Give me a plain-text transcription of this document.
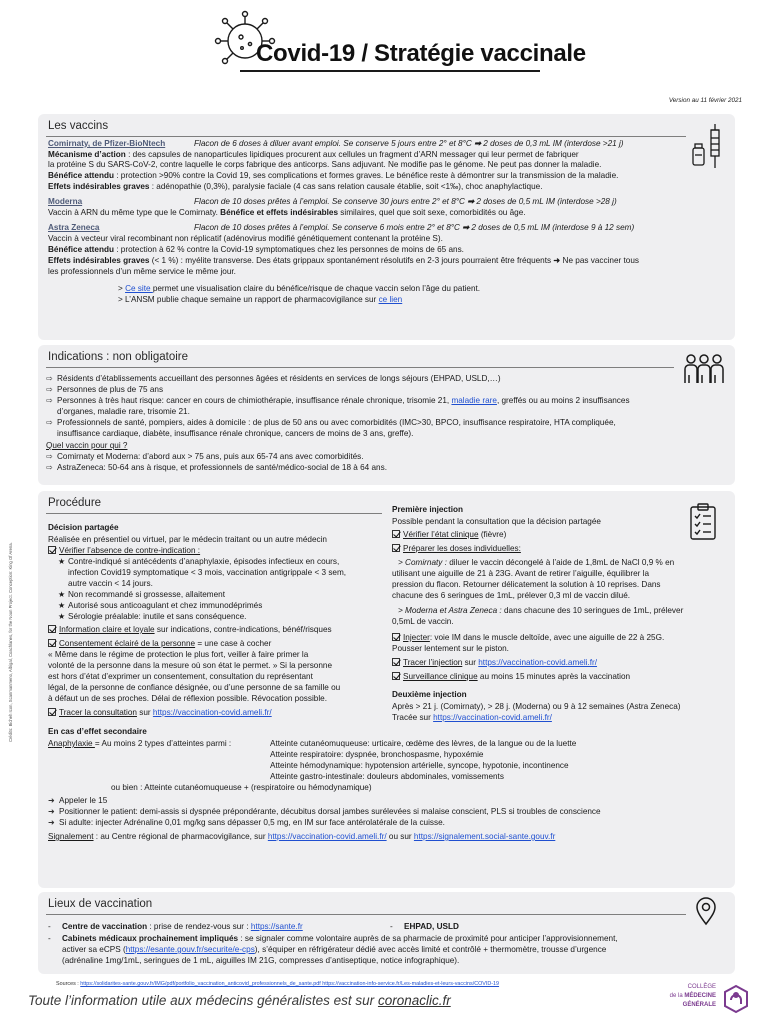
Covid-19 / Stratégie vaccinale
Version au 11 février 2021
Les vaccins
Comirnaty, de Pfizer-BioNtech	Flacon de 6 doses à diluer avant emploi. Se conserve 5 jours entre 2° et 8°C ➡ 2 doses de 0,3 mL IM (interdose >21 j)
Mécanisme d’action : des capsules de nanoparticules lipidiques procurent aux cellules un fragment d’ARN messager qui leur permet de fabriquer
la protéine S du SARS-CoV-2, contre laquelle le corps fabrique des anticorps. Sans adjuvant. Ne modifie pas le génome. Ne peut pas donner la maladie.
Bénéfice attendu : protection >90% contre la Covid 19, ses complications et formes graves. Le bénéfice reste à démontrer sur la transmission de la maladie.
Effets indésirables graves : adénopathie (0,3%), paralysie faciale (4 cas sans relation causale établie, soit <1‰), choc anaphylactique.
Moderna	Flacon de 10 doses prêtes à l’emploi. Se conserve 30 jours entre 2° et 8°C ➡ 2 doses de 0,5 mL IM (interdose >28 j)
Vaccin à ARN du même type que le Comirnaty. Bénéfice et effets indésirables similaires, quel que soit sexe, comorbidités ou âge.
Astra Zeneca	Flacon de 10 doses prêtes à l’emploi. Se conserve 6 mois entre 2° et 8°C ➡ 2 doses de 0,5 mL IM (interdose 9 à 12 sem)
Vaccin à vecteur viral recombinant non réplicatif (adénovirus modifié génétiquement contenant la protéine S).
Bénéfice attendu : protection à 62 % contre la Covid-19 symptomatiques chez les personnes de moins de 65 ans.
Effets indésirables graves (< 1 %) : myélite transverse. Des états grippaux spontanément résolutifs en 2-3 jours pourraient être fréquents ➜ Ne pas vacciner tous
les professionnels d’un même service le même jour.
> Ce site permet une visualisation claire du bénéfice/risque de chaque vaccin selon l’âge du patient.
> L’ANSM publie chaque semaine un rapport de pharmacovigilance sur ce lien
Indications : non obligatoire
⇨ Résidents d’établissements accueillant des personnes âgées et résidents en services de longs séjours (EHPAD, USLD,…)
⇨ Personnes de plus de 75 ans
⇨ Personnes à très haut risque: cancer en cours de chimiothérapie, insuffisance rénale chronique, trisomie 21, maladie rare, greffés ou au moins 2 insuffisances
d’organes, maladie rare, trisomie 21.
⇨ Professionnels de santé, pompiers, aides à domicile : de plus de 50 ans ou avec comorbidités (IMC>30, BPCO, insuffisance respiratoire, HTA compliquée,
insuffisance cardiaque, diabète, insuffisance rénale chronique, cancers de moins de 3 ans, greffe).
Quel vaccin pour qui ?
⇨ Comirnaty et Moderna: d’abord aux > 75 ans, puis aux 65-74 ans avec comorbidités.
⇨ AstraZeneca: 50-64 ans à risque, et professionnels de santé/médico-social de 18 à 64 ans.
Procédure
Décision partagée
Réalisée en présentiel ou virtuel, par le médecin traitant ou un autre médecin
Vérifier l’absence de contre-indication :
★ Contre-indiqué si antécédents d’anaphylaxie, épisodes infectieux en cours,
infection Covid19 symptomatique < 3 mois, vaccination antigrippale < 3 sem,
autre vaccin < 14 jours.
★ Non recommandé si grossesse, allaitement
★ Autorisé sous anticoagulant et chez immunodéprimés
★ Sérologie préalable: inutile et sans conséquence.
Information claire et loyale sur indications, contre-indications, bénéf/risques
Consentement éclairé de la personne = une case à cocher
« Même dans le régime de protection le plus fort, veiller à faire primer la
volonté de la personne dans la mesure où son état le permet. » Si la personne
est hors d’état d’exprimer un consentement, consultation du représentant
légal, de la personne de confiance désignée, ou d’une personne de sa famille ou
à défaut un de ses proches. Délai de réflexion possible. Révocation possible.
Tracer la consultation sur https://vaccination-covid.ameli.fr/
Première injection
Possible pendant la consultation que la décision partagée
Vérifier l’état clinique (fièvre)
Préparer les doses individuelles:
> Comirnaty : diluer le vaccin décongelé à l’aide de 1,8mL de NaCl 0,9 % en
utilisant une aiguille de 21 à 23G. Avant de retirer l’aiguille, équilibrer la
pression du flacon. Retourner délicatement la solution à 10 reprises. Dans
chacune des 6 seringues de 1mL, prélever 0,3 ml de vaccin dilué.
> Moderna et Astra Zeneca : dans chacune des 10 seringues de 1mL, prélever
0,5mL de vaccin.
Injecter: voie IM dans le muscle deltoïde, avec une aiguille de 22 à 25G.
Pousser lentement sur le piston.
Tracer l’injection sur https://vaccination-covid.ameli.fr/
Surveillance clinique au moins 15 minutes après la vaccination
Deuxième injection
Après > 21 j. (Comirnaty), > 28 j. (Moderna) ou 9 à 12 semaines (Astra Zeneca)
Tracée sur https://vaccination-covid.ameli.fr/
En cas d’effet secondaire
Anaphylaxie = Au moins 2 types d’atteintes parmi :	Atteinte cutanéomuqueuse: urticaire, œdème des lèvres, de la langue ou de la luette
Atteinte respiratoire: dyspnée, bronchospasme, hypoxémie
Atteinte hémodynamique: hypotension artérielle, syncope, hypotonie, incontinence
Atteinte gastro-intestinale: douleurs abdominales, vomissements
ou bien : Atteinte cutanéomuqueuse + (respiratoire ou hémodynamique)
➜ Appeler le 15
➜ Positionner le patient: demi-assis si dyspnée prépondérante, décubitus dorsal jambes surélevées si malaise conscient, PLS si troubles de conscience
➜ Si adulte: injecter Adrénaline 0,01 mg/kg sans dépasser 0,5 mg, en IM sur face antérolatérale de la cuisse.
Signalement : au Centre régional de pharmacovigilance, sur https://vaccination-covid.ameli.fr/ ou sur https://signalement.social-sante.gouv.fr
Lieux de vaccination
- Centre de vaccination : prise de rendez-vous sur : https://sante.fr	- EHPAD, USLD
- Cabinets médicaux prochainement impliqués : se signaler comme volontaire auprès de sa pharmacie de proximité pour anticiper l’approvisionnement,
activer sa eCPS (https://esante.gouv.fr/securite/e-cps), s’équiper en réfrigérateur dédié avec accès limité et contrôlé + thermomètre, trousse d’urgence
(adrénaline 1mg/1mL, seringues de 1 mL, aiguilles IM 21G, compresses d’antiseptique, notice infographique).
Sources : https://solidarites-sante.gouv.fr/IMG/pdf/portfolio_vaccination_anticovid_professionnels_de_sante.pdf https://vaccination-info-service.fr/Les-maladies-et-leurs-vaccins/COVID-19
Toute l’information utile aux médecins généralistes est sur coronaclic.fr
Crédits: Bicheh Icon, Scanmanmeno, Albigal, Coachlanes, for the Noun Project. Conception: King Of Arena.
COLLÈGE
de la MÉDECINE
GÉNÉRALE
